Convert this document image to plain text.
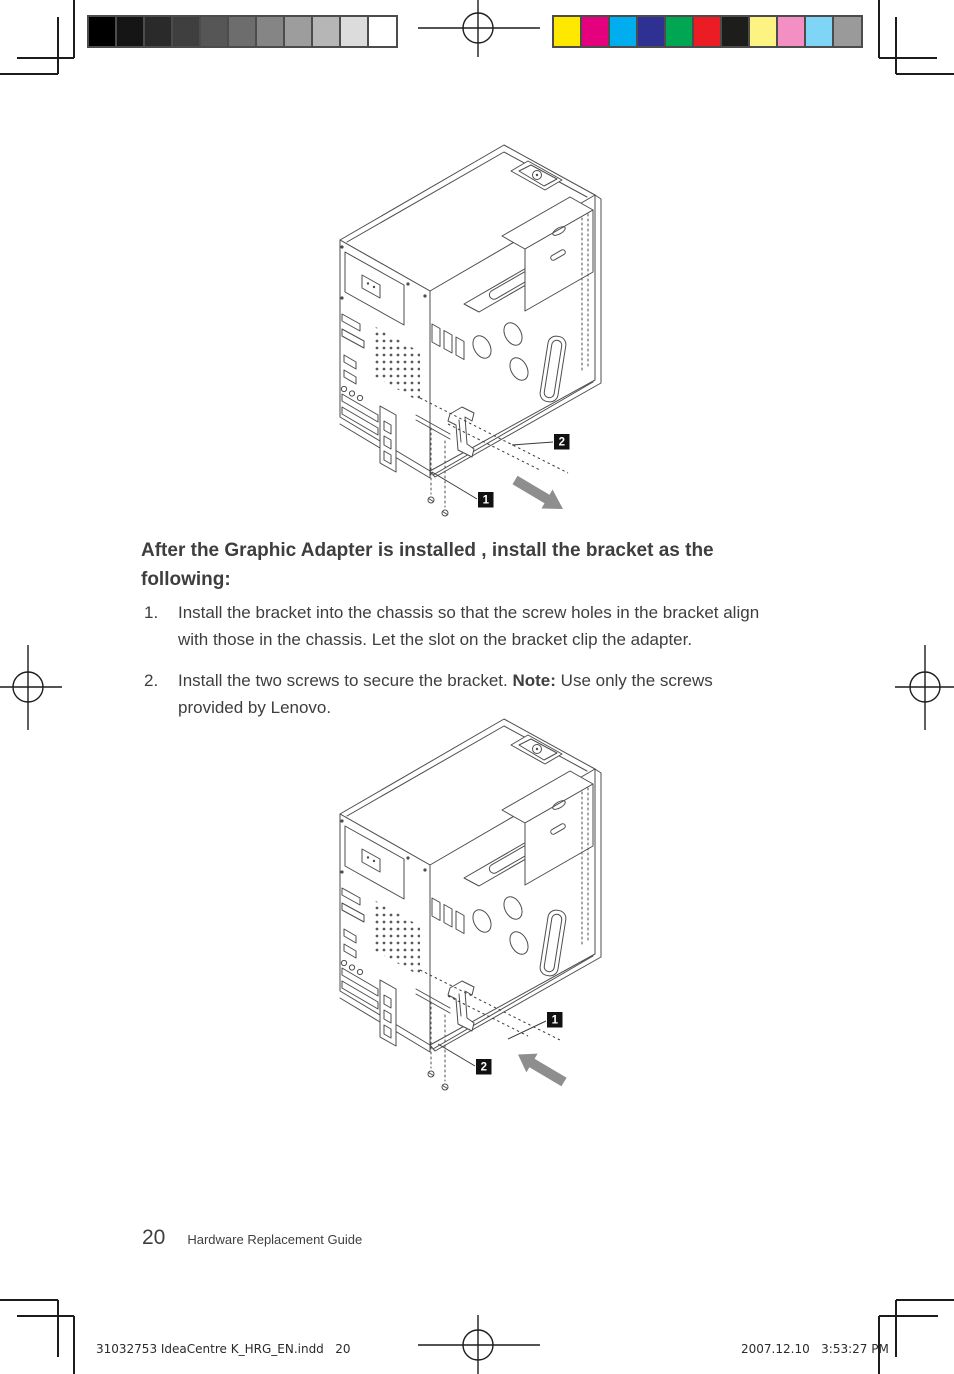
2
1
After the Graphic Adapter is installed , install the bracket as the
following:
1.	Install the bracket into the chassis so that the screw holes in the bracket align
with those in the chassis. Let the slot on the bracket clip the adapter.
2.	Install the two screws to secure the bracket. Note: Use only the screws
provided by Lenovo.
1
2
20 Hardware Replacement Guide
31032753 IdeaCentre K_HRG_EN.indd   20	2007.12.10   3:53:27 PM
